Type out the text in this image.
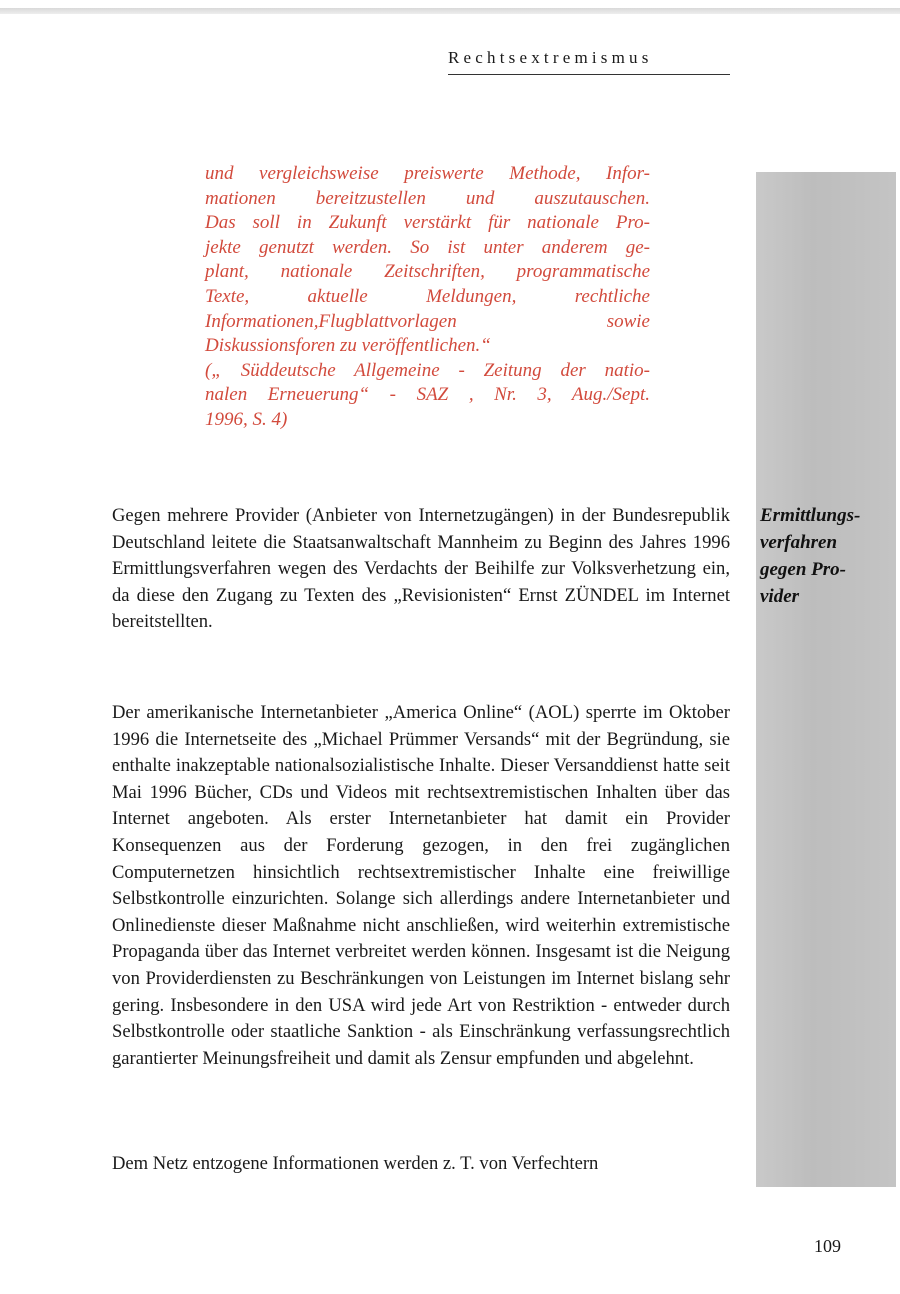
Rechtsextremismus
und vergleichsweise preiswerte Methode, Infor-
mationen bereitzustellen und auszutauschen.
Das soll in Zukunft verstärkt für nationale Pro-
jekte genutzt werden. So ist unter anderem ge-
plant, nationale Zeitschriften, programmatische
Texte, aktuelle Meldungen, rechtliche
Informationen,Flugblattvorlagen sowie
Diskussionsforen zu veröffentlichen.“
(„ Süddeutsche Allgemeine - Zeitung der natio-
nalen Erneuerung“ - SAZ , Nr. 3, Aug./Sept.
1996, S. 4)
Ermittlungs-
verfahren
gegen Pro-
vider
Gegen mehrere Provider (Anbieter von Internetzugängen) in der Bundesrepublik Deutschland leitete die Staatsanwaltschaft Mannheim zu Beginn des Jahres 1996 Ermittlungsverfahren wegen des Verdachts der Beihilfe zur Volksverhetzung ein, da diese den Zugang zu Texten des „Revisionisten“ Ernst ZÜNDEL im Internet bereitstellten.
Der amerikanische Internetanbieter „America Online“ (AOL) sperrte im Oktober 1996 die Internetseite des „Michael Prümmer Versands“ mit der Begründung, sie enthalte inakzeptable nationalsozialistische Inhalte. Dieser Versanddienst hatte seit Mai 1996 Bücher, CDs und Videos mit rechtsextremistischen Inhalten über das Internet angeboten. Als erster Internetanbieter hat damit ein Provider Konsequenzen aus der Forderung gezogen, in den frei zugänglichen Computernetzen hinsichtlich rechtsextremistischer Inhalte eine freiwillige Selbstkontrolle einzurichten. Solange sich allerdings andere Internetanbieter und Onlinedienste dieser Maßnahme nicht anschließen, wird weiterhin extremistische Propaganda über das Internet verbreitet werden können. Insgesamt ist die Neigung von Providerdiensten zu Beschränkungen von Leistungen im Internet bislang sehr gering. Insbesondere in den USA wird jede Art von Restriktion - entweder durch Selbstkontrolle oder staatliche Sanktion - als Einschränkung verfassungsrechtlich garantierter Meinungsfreiheit und damit als Zensur empfunden und abgelehnt.
Dem Netz entzogene Informationen werden z. T. von Verfechtern
109
